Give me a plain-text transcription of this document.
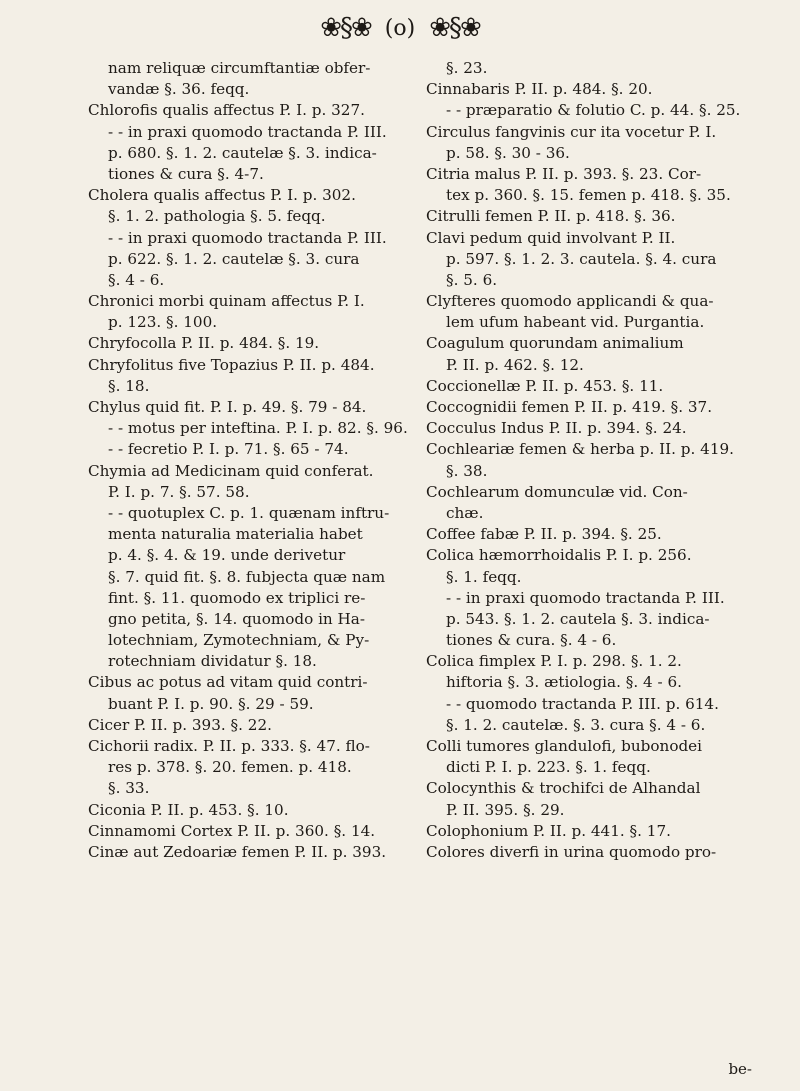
❀§❀ (o) ❀§❀
nam reliquæ circumftantiæ obfer-
vandæ §. 36. feqq.
Chlorofis qualis affectus P. I. p. 327.
- - in praxi quomodo tractanda P. III.
p. 680. §. 1. 2. cautelæ §. 3. indica-
tiones & cura §. 4-7.
Cholera qualis affectus P. I. p. 302.
§. 1. 2. pathologia §. 5. feqq.
- - in praxi quomodo tractanda P. III.
p. 622. §. 1. 2. cautelæ §. 3. cura
§. 4 - 6.
Chronici morbi quinam affectus P. I.
p. 123. §. 100.
Chryfocolla P. II. p. 484. §. 19.
Chryfolitus five Topazius P. II. p. 484.
§. 18.
Chylus quid fit. P. I. p. 49. §. 79 - 84.
- - motus per inteftina. P. I. p. 82. §. 96.
- - fecretio P. I. p. 71. §. 65 - 74.
Chymia ad Medicinam quid conferat.
P. I. p. 7. §. 57. 58.
- - quotuplex C. p. 1. quænam inftru-
menta naturalia materialia habet
p. 4. §. 4. & 19. unde derivetur
§. 7. quid fit. §. 8. fubjecta quæ nam
fint. §. 11. quomodo ex triplici re-
gno petita, §. 14. quomodo in Ha-
lotechniam, Zymotechniam, & Py-
rotechniam dividatur §. 18.
Cibus ac potus ad vitam quid contri-
buant P. I. p. 90. §. 29 - 59.
Cicer P. II. p. 393. §. 22.
Cichorii radix. P. II. p. 333. §. 47. flo-
res p. 378. §. 20. femen. p. 418.
§. 33.
Ciconia P. II. p. 453. §. 10.
Cinnamomi Cortex P. II. p. 360. §. 14.
Cinæ aut Zedoariæ femen P. II. p. 393.
§. 23.
Cinnabaris P. II. p. 484. §. 20.
- - præparatio & folutio C. p. 44. §. 25.
Circulus fangvinis cur ita vocetur P. I.
p. 58. §. 30 - 36.
Citria malus P. II. p. 393. §. 23. Cor-
tex p. 360. §. 15. femen p. 418. §. 35.
Citrulli femen P. II. p. 418. §. 36.
Clavi pedum quid involvant P. II.
p. 597. §. 1. 2. 3. cautela. §. 4. cura
§. 5. 6.
Clyfteres quomodo applicandi & qua-
lem ufum habeant vid. Purgantia.
Coagulum quorundam animalium
P. II. p. 462. §. 12.
Coccionellæ P. II. p. 453. §. 11.
Coccognidii femen P. II. p. 419. §. 37.
Cocculus Indus P. II. p. 394. §. 24.
Cochleariæ femen & herba p. II. p. 419.
§. 38.
Cochlearum domunculæ vid. Con-
chæ.
Coffee fabæ P. II. p. 394. §. 25.
Colica hæmorrhoidalis P. I. p. 256.
§. 1. feqq.
- - in praxi quomodo tractanda P. III.
p. 543. §. 1. 2. cautela §. 3. indica-
tiones & cura. §. 4 - 6.
Colica fimplex P. I. p. 298. §. 1. 2.
hiftoria §. 3. ætiologia. §. 4 - 6.
- - quomodo tractanda P. III. p. 614.
§. 1. 2. cautelæ. §. 3. cura §. 4 - 6.
Colli tumores glandulofi, bubonodei
dicti P. I. p. 223. §. 1. feqq.
Colocynthis & trochifci de Alhandal
P. II. 395. §. 29.
Colophonium P. II. p. 441. §. 17.
Colores diverfi in urina quomodo pro-
be-
